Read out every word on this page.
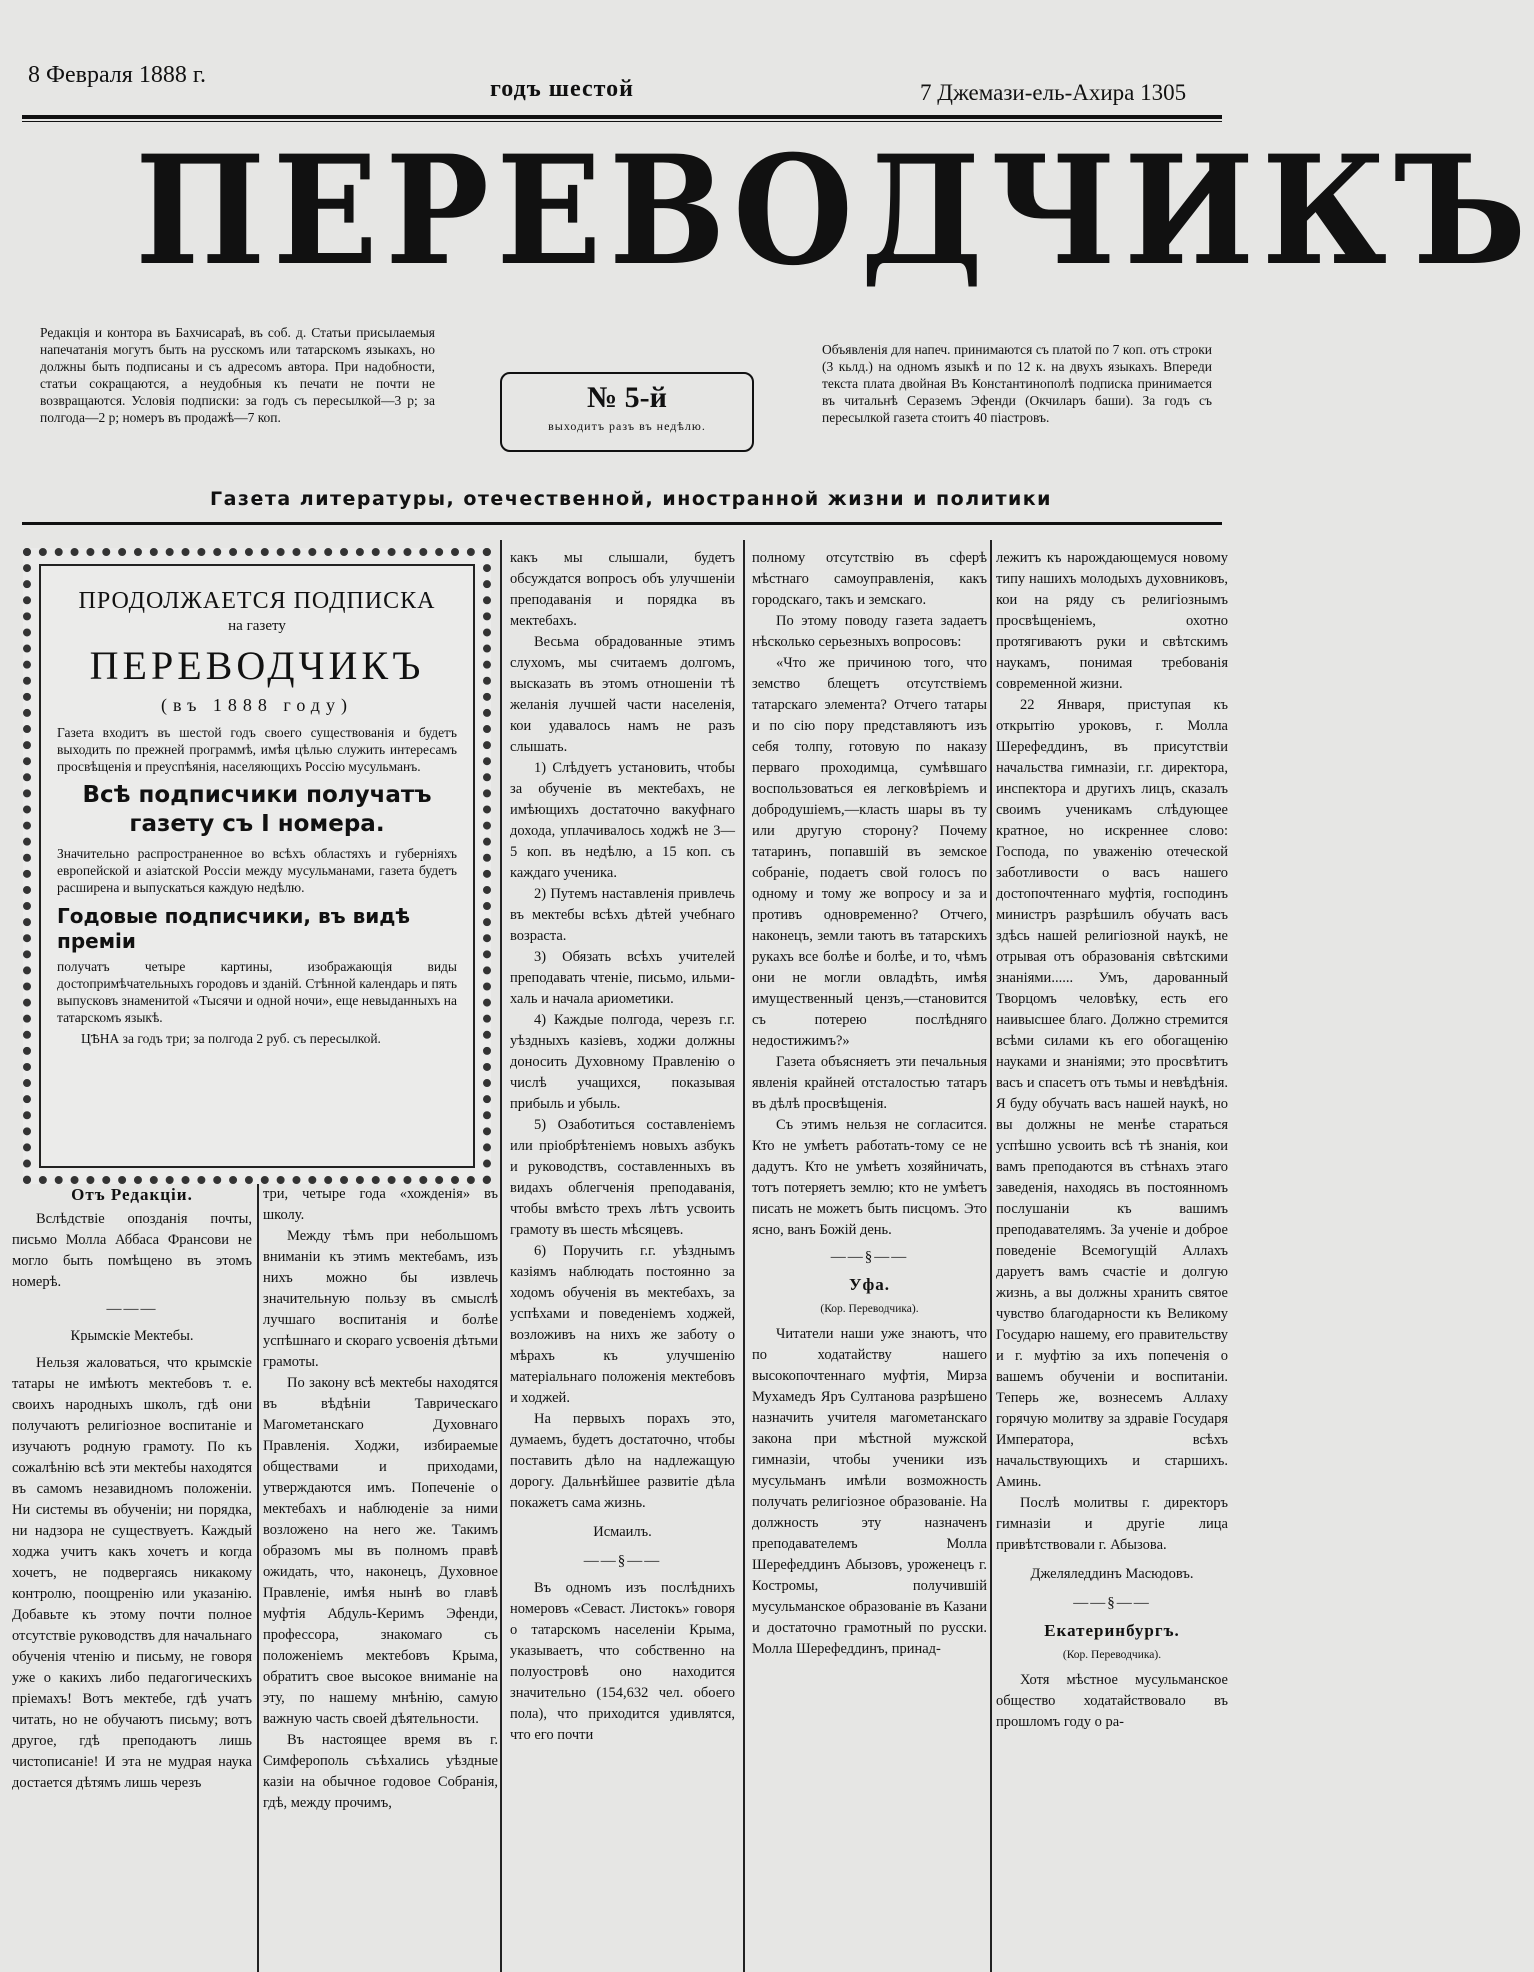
8 Февраля 1888 г.
годъ шестой	7 Джемази-ель-Ахира 1305
ПЕРЕВОДЧИКЪ
Редакція и контора въ Бахчисараѣ, въ соб. д. Статьи присылаемыя напечатанія могутъ быть на русскомъ или татарскомъ языкахъ, но должны быть подписаны и съ адресомъ автора. При надобности, статьи сокращаются, а неудобныя къ печати не почти не возвращаются. Условія подписки: за годъ съ пересылкой—3 р; за полгода—2 р; номеръ въ продажѣ—7 коп.
№ 5-й
выходитъ разъ въ недѣлю.
Объявленія для напеч. принимаются съ платой по 7 коп. отъ строки (3 кьлд.) на одномъ языкѣ и по 12 к. на двухъ языкахъ. Впереди текста плата двойная Въ Константинополѣ подписка принимается въ читальнѣ Сераземъ Эфенди (Окчиларъ баши). За годъ съ пересылкой газета стоитъ 40 піастровъ.
Газета литературы, отечественной, иностранной жизни и политики
ПРОДОЛЖАЕТСЯ ПОДПИСКА
на газету
ПЕРЕВОДЧИКЪ
(въ 1888 году)
Газета входитъ въ шестой годъ своего существованія и будетъ выходить по прежней программѣ, имѣя цѣлью служить интересамъ просвѣщенія и преуспѣянія, населяющихъ Россію мусульманъ.
Всѣ подписчики получатъ газету съ I номера.
Значительно распространенное во всѣхъ областяхъ и губерніяхъ европейской и азіатской Россіи между мусульманами, газета будетъ расширена и выпускаться каждую недѣлю.
Годовые подписчики, въ видѣ преміи
получатъ четыре картины, изображающія виды достопримѣчательныхъ городовъ и зданій. Стѣнной календарь и пять выпусковъ знаменитой «Тысячи и одной ночи», еще невыданныхъ на татарскомъ языкѣ.
ЦѢНА за годъ три; за полгода 2 руб. съ пересылкой.

Отъ Редакціи.

Вслѣдствіе опозданія почты, письмо Молла Аббаса Франсови не могло быть помѣщено въ этомъ номерѣ.

———

Крымскіе Мектебы.

Нельзя жаловаться, что крымскіе татары не имѣютъ мектебовъ т. е. своихъ народныхъ школъ, гдѣ они получаютъ религіозное воспитаніе и изучаютъ родную грамоту. По къ сожалѣнію всѣ эти мектебы находятся въ самомъ незавидномъ положеніи. Ни системы въ обученіи; ни порядка, ни надзора не существуетъ. Каждый ходжа учитъ какъ хочетъ и когда хочетъ, не подвергаясь никакому контролю, поощренію или указанію. Добавьте къ этому почти полное отсутствіе руководствъ для начальнаго обученія чтенію и письму, не говоря уже о какихъ либо педагогическихъ пріемахъ! Вотъ мектебе, гдѣ учатъ читать, но не обучаютъ письму; вотъ другое, гдѣ преподаютъ лишь чистописаніе! И эта не мудрая наука достается дѣтямъ лишь черезъ

три, четыре года «хожденія» въ школу.

Между тѣмъ при небольшомъ вниманіи къ этимъ мектебамъ, изъ нихъ можно бы извлечь значительную пользу въ смыслѣ лучшаго воспитанія и болѣе успѣшнаго и скораго усвоенія дѣтьми грамоты.

По закону всѣ мектебы находятся въ вѣдѣніи Таврическаго Магометанскаго Духовнаго Правленія. Ходжи, избираемые обществами и приходами, утверждаются имъ. Попеченіе о мектебахъ и наблюденіе за ними возложено на него же. Такимъ образомъ мы въ полномъ правѣ ожидать, что, наконецъ, Духовное Правленіе, имѣя нынѣ во главѣ муфтія Абдуль-Керимъ Эфенди, профессора, знакомаго съ положеніемъ мектебовъ Крыма, обратитъ свое высокое вниманіе на эту, по нашему мнѣнію, самую важную часть своей дѣятельности.

Въ настоящее время въ г. Симферополь съѣхались уѣздные казіи на обычное годовое Собранія, гдѣ, между прочимъ,

какъ мы слышали, будетъ обсуждатся вопросъ объ улучшеніи преподаванія и порядка въ мектебахъ.

Весьма обрадованные этимъ слухомъ, мы считаемъ долгомъ, высказать въ этомъ отношеніи тѣ желанія лучшей части населенія, кои удавалось намъ не разъ слышать.

1) Слѣдуетъ установить, чтобы за обученіе въ мектебахъ, не имѣющихъ достаточно вакуфнаго дохода, уплачивалось ходжѣ не 3—5 коп. въ недѣлю, а 15 коп. съ каждаго ученика.

2) Путемъ наставленія привлечь въ мектебы всѣхъ дѣтей учебнаго возраста.

3) Обязать всѣхъ учителей преподавать чтеніе, письмо, ильми-халь и начала ариометики.

4) Каждые полгода, черезъ г.г. уѣздныхъ казіевъ, ходжи должны доносить Духовному Правленію о числѣ учащихся, показывая прибыль и убыль.

5) Озаботиться составленіемъ или пріобрѣтеніемъ новыхъ азбукъ и руководствъ, составленныхъ въ видахъ облегченія преподаванія, чтобы вмѣсто трехъ лѣтъ усвоить грамоту въ шесть мѣсяцевъ.

6) Поручить г.г. уѣзднымъ казіямъ наблюдать постоянно за ходомъ обученія въ мектебахъ, за успѣхами и поведеніемъ ходжей, возложивъ на нихъ же заботу о мѣрахъ къ улучшенію матеріальнаго положенія мектебовъ и ходжей.

На первыхъ порахъ это, думаемъ, будетъ достаточно, чтобы поставить дѣло на надлежащую дорогу. Дальнѣйшее развитіе дѣла покажетъ сама жизнь.

Исмаилъ.

——§——

Въ одномъ изъ послѣднихъ номеровъ «Севаст. Листокъ» говоря о татарскомъ населеніи Крыма, указываетъ, что собственно на полуостровѣ оно находится значительно (154,632 чел. обоего пола), что приходится удивлятся, что его почти

полному отсутствію въ сферѣ мѣстнаго самоуправленія, какъ городскаго, такъ и земскаго.

По этому поводу газета задаетъ нѣсколько серьезныхъ вопросовъ:

«Что же причиною того, что земство блещетъ отсутствіемъ татарскаго элемента? Отчего татары и по сію пору представляютъ изъ себя толпу, готовую по наказу перваго проходимца, сумѣвшаго воспользоваться ея легковѣріемъ и добродушіемъ,—класть шары въ ту или другую сторону? Почему татаринъ, попавшій въ земское собраніе, подаетъ свой голосъ по одному и тому же вопросу и за и противъ одновременно? Отчего, наконецъ, земли таютъ въ татарскихъ рукахъ все болѣе и болѣе, и то, чѣмъ они не могли овладѣть, имѣя имущественный цензъ,—становится съ потерею послѣдняго недостижимъ?»

Газета объясняетъ эти печальныя явленія крайней отсталостью татаръ въ дѣлѣ просвѣщенія.

Съ этимъ нельзя не согласится. Кто не умѣетъ работать-тому се не дадутъ. Кто не умѣетъ хозяйничать, тотъ потеряетъ землю; кто не умѣетъ писать не можетъ быть писцомъ. Это ясно, ванъ Божій день.

——§——

Уфа.

(Кор. Переводчика).

Читатели наши уже знаютъ, что по ходатайству нашего высокопочтеннаго муфтія, Мирза Мухамедъ Яръ Султанова разрѣшено назначить учителя магометанскаго закона при мѣстной мужской гимназіи, чтобы ученики изъ мусульманъ имѣли возможность получать религіозное образованіе. На должность эту назначенъ преподавателемъ Молла Шерефеддинъ Абызовъ, уроженецъ г. Костромы, получившій мусульманское образованіе въ Казани и достаточно грамотный по русски. Молла Шерефеддинъ, принад-

лежитъ къ нарождающемуся новому типу нашихъ молодыхъ духовниковъ, кои на ряду съ религіознымъ просвѣщеніемъ, охотно протягиваютъ руки и свѣтскимъ наукамъ, понимая требованія современной жизни.

22 Января, приступая къ открытію уроковъ, г. Молла Шерефеддинъ, въ присутствіи начальства гимназіи, г.г. директора, инспектора и другихъ лицъ, сказалъ своимъ ученикамъ слѣдующее кратное, но искреннее слово: Господа, по уваженію отеческой заботливости о васъ нашего достопочтеннаго муфтія, господинъ министръ разрѣшилъ обучать васъ здѣсь нашей религіозной наукѣ, не отрывая отъ образованія свѣтскими знаніями...... Умъ, дарованный Творцомъ человѣку, есть его наивысшее благо. Должно стремится всѣми силами къ его обогащенію науками и знаніями; это просвѣтитъ васъ и спасетъ отъ тьмы и невѣдѣнія. Я буду обучать васъ нашей наукѣ, но вы должны не менѣе стараться успѣшно усвоить всѣ тѣ знанія, кои вамъ преподаются въ стѣнахъ этаго заведенія, находясь въ постоянномъ послушаніи къ вашимъ преподавателямъ. За ученіе и доброе поведеніе Всемогущій Аллахъ даруетъ вамъ счастіе и долгую жизнь, а вы должны хранить святое чувство благодарности къ Великому Государю нашему, его правительству и г. муфтію за ихъ попеченія о вашемъ обученіи и воспитаніи. Теперь же, вознесемъ Аллаху горячую молитву за здравіе Государя Императора, всѣхъ начальствующихъ и старшихъ. Аминь.

Послѣ молитвы г. директоръ гимназіи и другіе лица привѣтствовали г. Абызова.

Джеляледдинъ Масюдовъ.

——§——

Екатеринбургъ.

(Кор. Переводчика).

Хотя мѣстное мусульманское общество ходатайствовало въ прошломъ году о ра-
